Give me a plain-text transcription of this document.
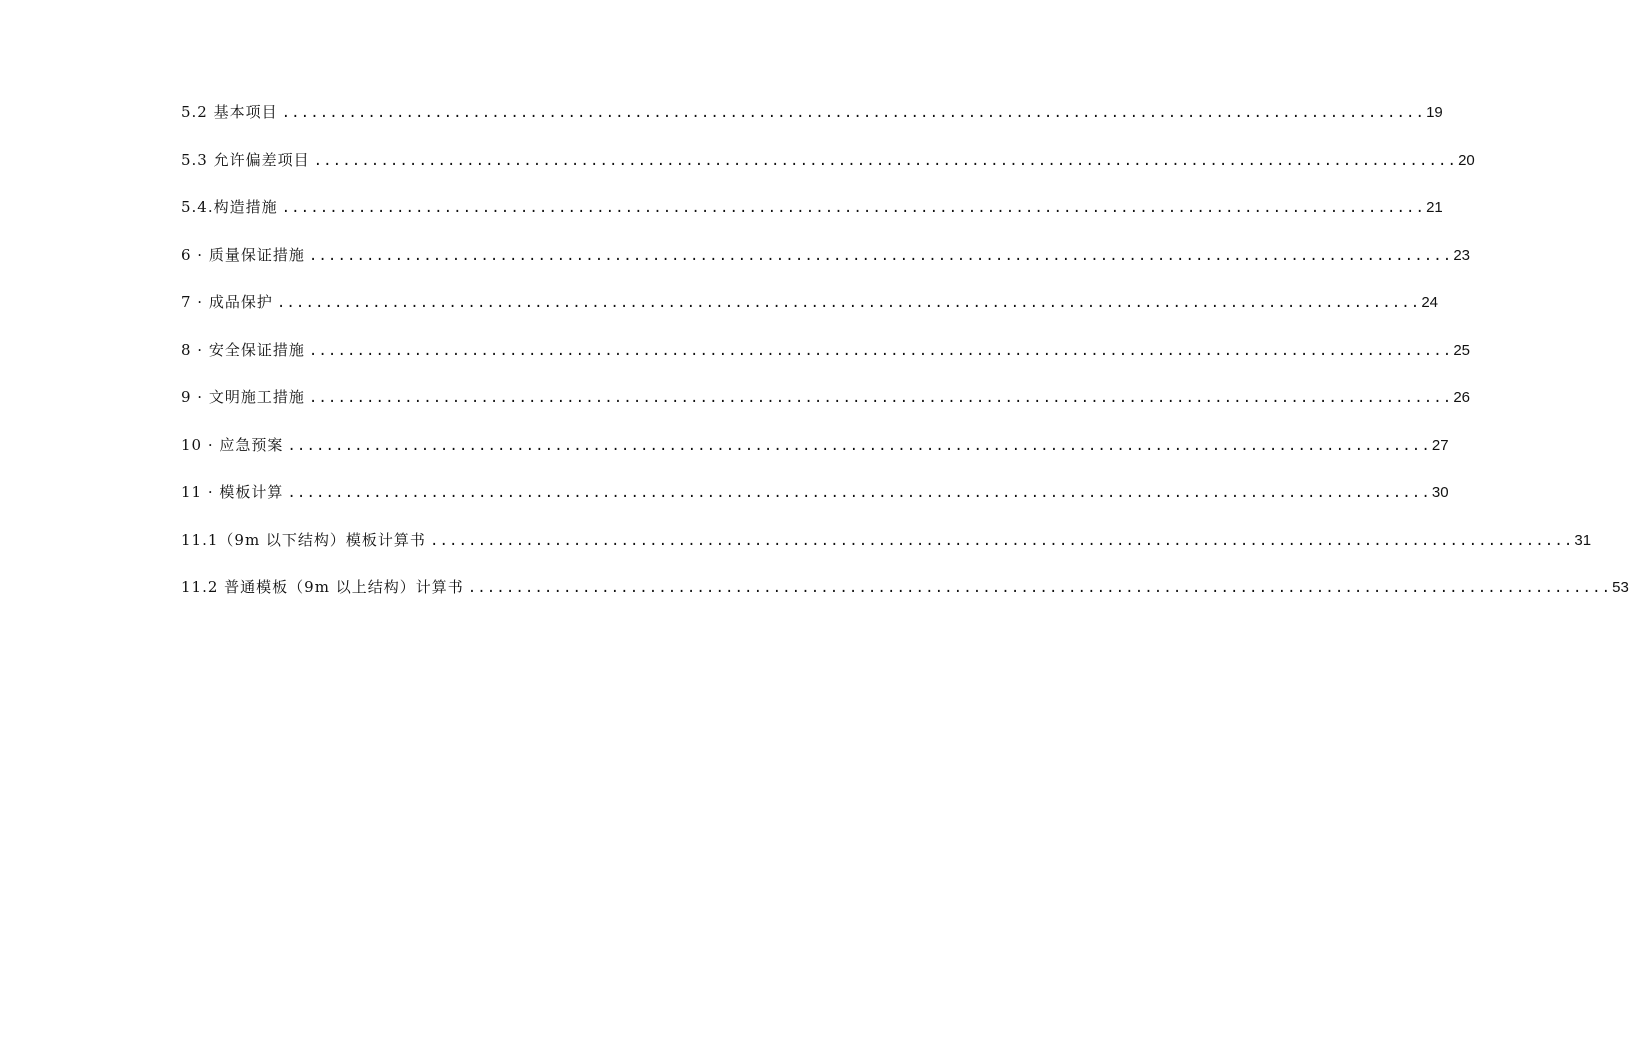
5.2 基本项目 ........................................................................................................................ 19
5.3 允许偏差项目 ........................................................................................................................ 20
5.4.构造措施 ........................................................................................................................ 21
6 · 质量保证措施 ........................................................................................................................ 23
7 · 成品保护 ........................................................................................................................ 24
8 · 安全保证措施 ........................................................................................................................ 25
9 · 文明施工措施 ........................................................................................................................ 26
10 · 应急预案 ........................................................................................................................ 27
11 · 模板计算 ........................................................................................................................ 30
11.1（9m 以下结构）模板计算书 ........................................................................................................................ 31
11.2 普通模板（9m 以上结构）计算书 ........................................................................................................................ 53
